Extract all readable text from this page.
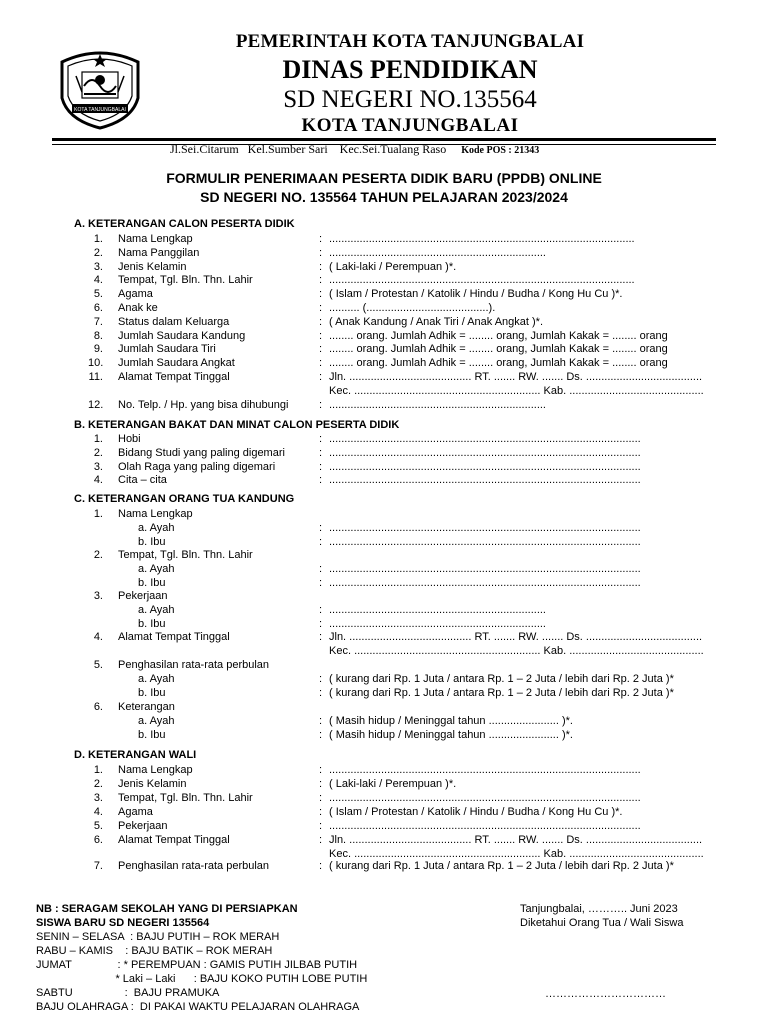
KOTA TANJUNGBALAI
PEMERINTAH KOTA TANJUNGBALAI
DINAS PENDIDIKAN
SD NEGERI NO.135564
KOTA TANJUNGBALAI
Jl.Sei.Citarum   Kel.Sumber Sari    Kec.Sei.Tualang Raso     Kode POS : 21343
FORMULIR PENERIMAAN PESERTA DIDIK BARU (PPDB) ONLINE
SD NEGERI NO. 135564 TAHUN PELAJARAN 2023/2024
A. KETERANGAN CALON PESERTA DIDIK
1. Nama Lengkap	: ....................................................................................................
2. Nama Panggilan	: .......................................................................
3. Jenis Kelamin	: ( Laki-laki / Perempuan )*.
4. Tempat, Tgl. Bln. Thn. Lahir	: ....................................................................................................
5. Agama	: ( Islam / Protestan / Katolik / Hindu / Budha / Kong Hu Cu )*.
6. Anak ke	: .......... (........................................).
7. Status dalam Keluarga	: ( Anak Kandung / Anak Tiri / Anak Angkat )*.
8. Jumlah Saudara Kandung	: ........ orang. Jumlah Adhik = ........ orang, Jumlah Kakak = ........ orang
9. Jumlah Saudara Tiri	: ........ orang. Jumlah Adhik = ........ orang, Jumlah Kakak = ........ orang
10. Jumlah Saudara Angkat	: ........ orang. Jumlah Adhik = ........ orang, Jumlah Kakak = ........ orang
11. Alamat Tempat Tinggal	: Jln. ........................................ RT. ....... RW. ....... Ds. ......................................
Kec. ............................................................. Kab. ............................................
12. No. Telp. / Hp. yang bisa dihubungi	: .......................................................................
B. KETERANGAN BAKAT DAN MINAT CALON PESERTA DIDIK
1. Hobi	: ......................................................................................................
2. Bidang Studi yang paling digemari	: ......................................................................................................
3. Olah Raga yang paling digemari	: ......................................................................................................
4. Cita – cita	: ......................................................................................................
C. KETERANGAN ORANG TUA KANDUNG
1. Nama Lengkap
a. Ayah	: ......................................................................................................
b. Ibu	: ......................................................................................................
2. Tempat, Tgl. Bln. Thn. Lahir
a. Ayah	: ......................................................................................................
b. Ibu	: ......................................................................................................
3. Pekerjaan
a. Ayah	: .......................................................................
b. Ibu	: .......................................................................
4. Alamat Tempat Tinggal	: Jln. ........................................ RT. ....... RW. ....... Ds. ......................................
Kec. ............................................................. Kab. ............................................
5. Penghasilan rata-rata perbulan
a. Ayah	: ( kurang dari Rp. 1 Juta / antara Rp. 1 – 2 Juta / lebih dari Rp. 2 Juta )*
b. Ibu	: ( kurang dari Rp. 1 Juta / antara Rp. 1 – 2 Juta / lebih dari Rp. 2 Juta )*
6. Keterangan
a. Ayah	: ( Masih hidup / Meninggal tahun ....................... )*.
b. Ibu	: ( Masih hidup / Meninggal tahun ....................... )*.
D. KETERANGAN WALI
1. Nama Lengkap	: ......................................................................................................
2. Jenis Kelamin	: ( Laki-laki / Perempuan )*.
3. Tempat, Tgl. Bln. Thn. Lahir	: ......................................................................................................
4. Agama	: ( Islam / Protestan / Katolik / Hindu / Budha / Kong Hu Cu )*.
5. Pekerjaan	: ......................................................................................................
6. Alamat Tempat Tinggal	: Jln. ........................................ RT. ....... RW. ....... Ds. ......................................
Kec. ............................................................. Kab. ............................................
7. Penghasilan rata-rata perbulan	: ( kurang dari Rp. 1 Juta / antara Rp. 1 – 2 Juta / lebih dari Rp. 2 Juta )*
NB : SERAGAM SEKOLAH YANG DI PERSIAPKAN
SISWA BARU SD NEGERI 135564
SENIN – SELASA  : BAJU PUTIH – ROK MERAH
RABU – KAMIS    : BAJU BATIK – ROK MERAH
JUMAT               : * PEREMPUAN : GAMIS PUTIH JILBAB PUTIH
* Laki – Laki      : BAJU KOKO PUTIH LOBE PUTIH
SABTU                 :  BAJU PRAMUKA
BAJU OLAHRAGA :  DI PAKAI WAKTU PELAJARAN OLAHRAGA
Tanjungbalai, ……….. Juni 2023
Diketahui Orang Tua / Wali Siswa
……………………………
